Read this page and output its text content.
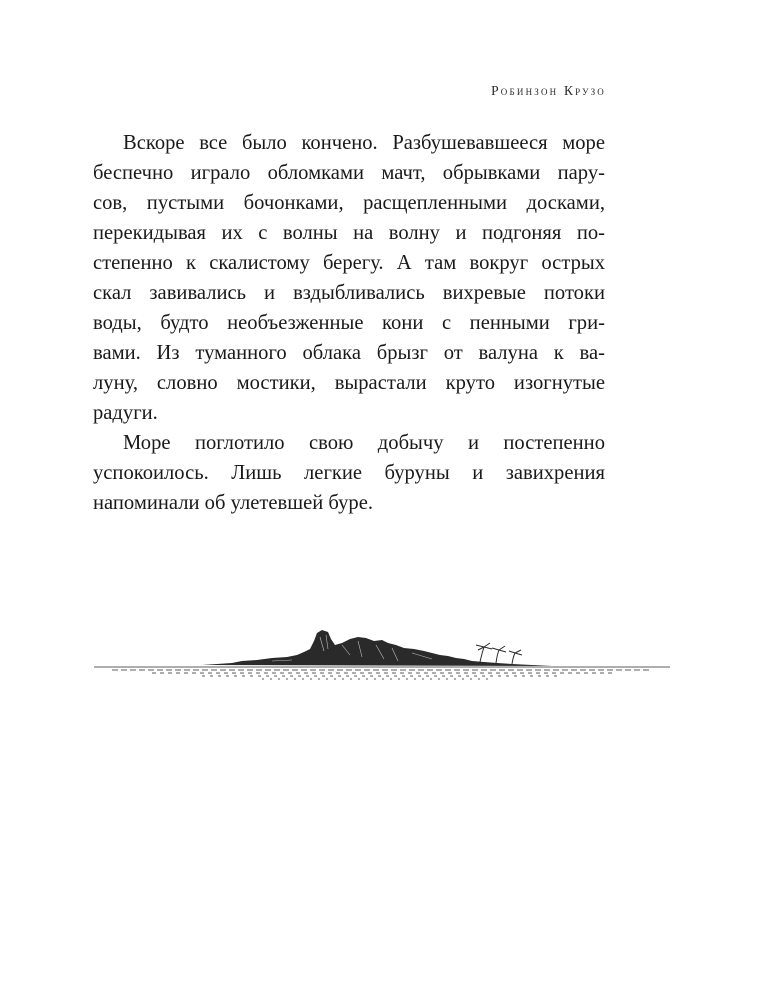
Робинзон Крузо
Вскоре все было кончено. Разбушевавшееся море
беспечно играло обломками мачт, обрывками пару-
сов, пустыми бочонками, расщепленными досками,
перекидывая их с волны на волну и подгоняя по-
степенно к скалистому берегу. А там вокруг острых
скал завивались и вздыбливались вихревые потоки
воды, будто необъезженные кони с пенными гри-
вами. Из туманного облака брызг от валуна к ва-
луну, словно мостики, вырастали круто изогнутые
радуги.
Море поглотило свою добычу и постепенно
успокоилось. Лишь легкие буруны и завихрения
напоминали об улетевшей буре.
